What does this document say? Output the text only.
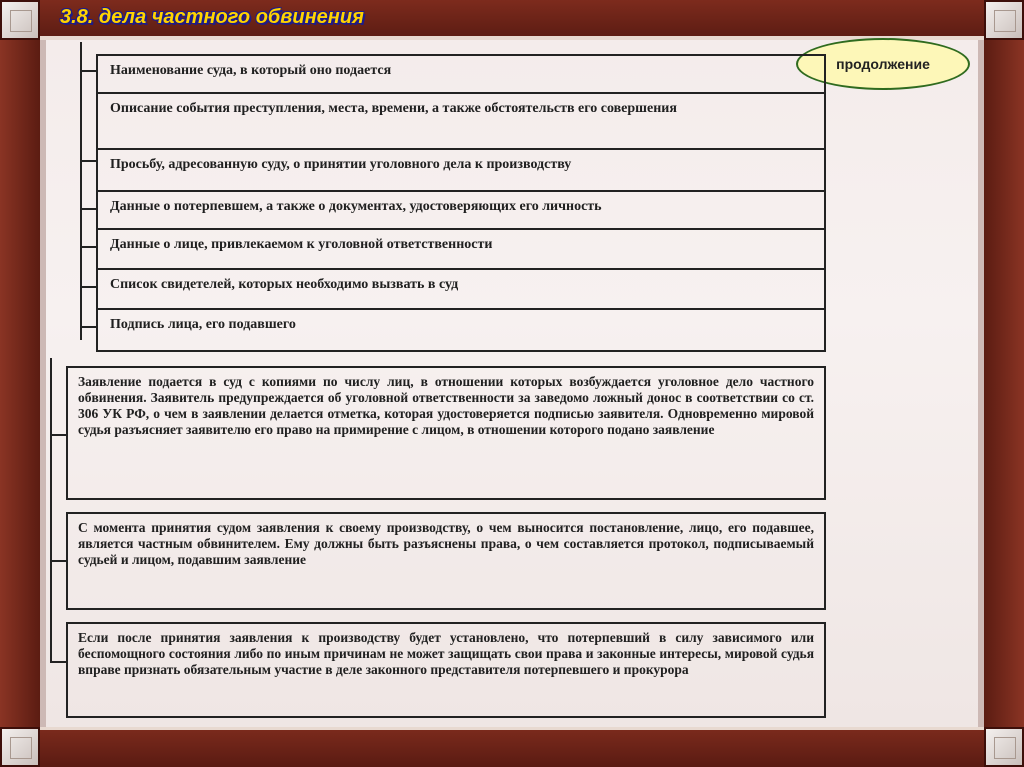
3.8. дела частного обвинения
продолжение
Наименование суда, в который оно подается
Описание события преступления, места, времени, а также обстоятельств его совершения
Просьбу, адресованную суду, о принятии уголовного дела к производству
Данные о потерпевшем, а также о документах, удостоверяющих его личность
Данные о лице, привлекаемом к уголовной ответственности
Список свидетелей, которых необходимо вызвать в суд
Подпись лица, его подавшего
Заявление подается в суд с копиями по числу лиц, в отношении которых возбуждается уголовное дело частного обвинения. Заявитель предупреждается об уголовной ответственности за заведомо ложный донос в соответствии со ст. 306 УК РФ, о чем в заявлении делается отметка, которая удостоверяется подписью заявителя. Одновременно мировой судья разъясняет заявителю его право на примирение с лицом, в отношении которого подано заявление
С момента принятия судом заявления к своему производству, о чем выносится постановление, лицо, его подавшее, является частным обвинителем. Ему должны быть разъяснены права, о чем составляется протокол, подписываемый судьей и лицом, подавшим заявление
Если после принятия заявления к производству будет установлено, что потерпевший в силу зависимого или беспомощного состояния либо по иным причинам не может защищать свои права и законные интересы, мировой судья вправе признать обязательным участие в деле законного представителя потерпевшего и прокурора
